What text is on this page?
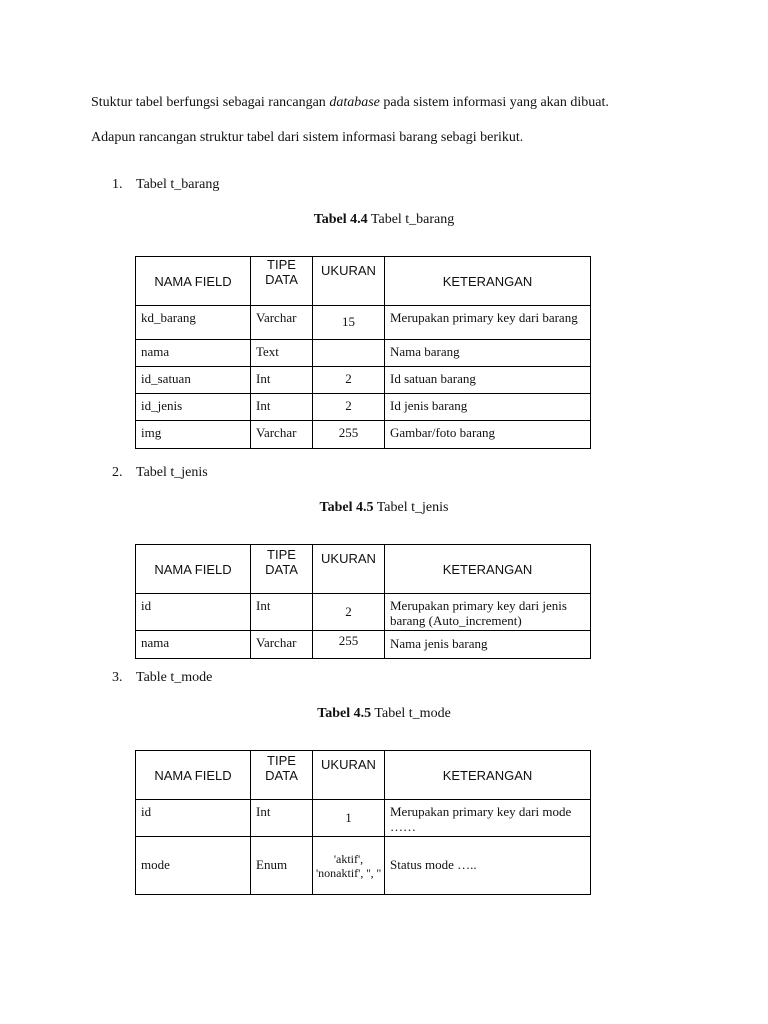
Stuktur tabel berfungsi sebagai rancangan database pada sistem informasi yang akan dibuat.

Adapun rancangan struktur tabel dari sistem informasi barang sebagi berikut.

1. Tabel t_barang

Tabel 4.4 Tabel t_barang

NAMA FIELD	TIPE DATA	UKURAN	KETERANGAN
kd_barang	Varchar	15	Merupakan primary key dari barang
nama	Text		Nama barang
id_satuan	Int	2	Id satuan barang
id_jenis	Int	2	Id jenis barang
img	Varchar	255	Gambar/foto barang

2. Tabel t_jenis

Tabel 4.5 Tabel t_jenis

NAMA FIELD	TIPE DATA	UKURAN	KETERANGAN
id	Int	2	Merupakan primary key dari jenis barang (Auto_increment)
nama	Varchar	255	Nama jenis barang

3. Table t_mode

Tabel 4.5 Tabel t_mode

NAMA FIELD	TIPE DATA	UKURAN	KETERANGAN
id	Int	1	Merupakan primary key dari mode ……
mode	Enum	'aktif', 'nonaktif', '', ''	Status mode …..
